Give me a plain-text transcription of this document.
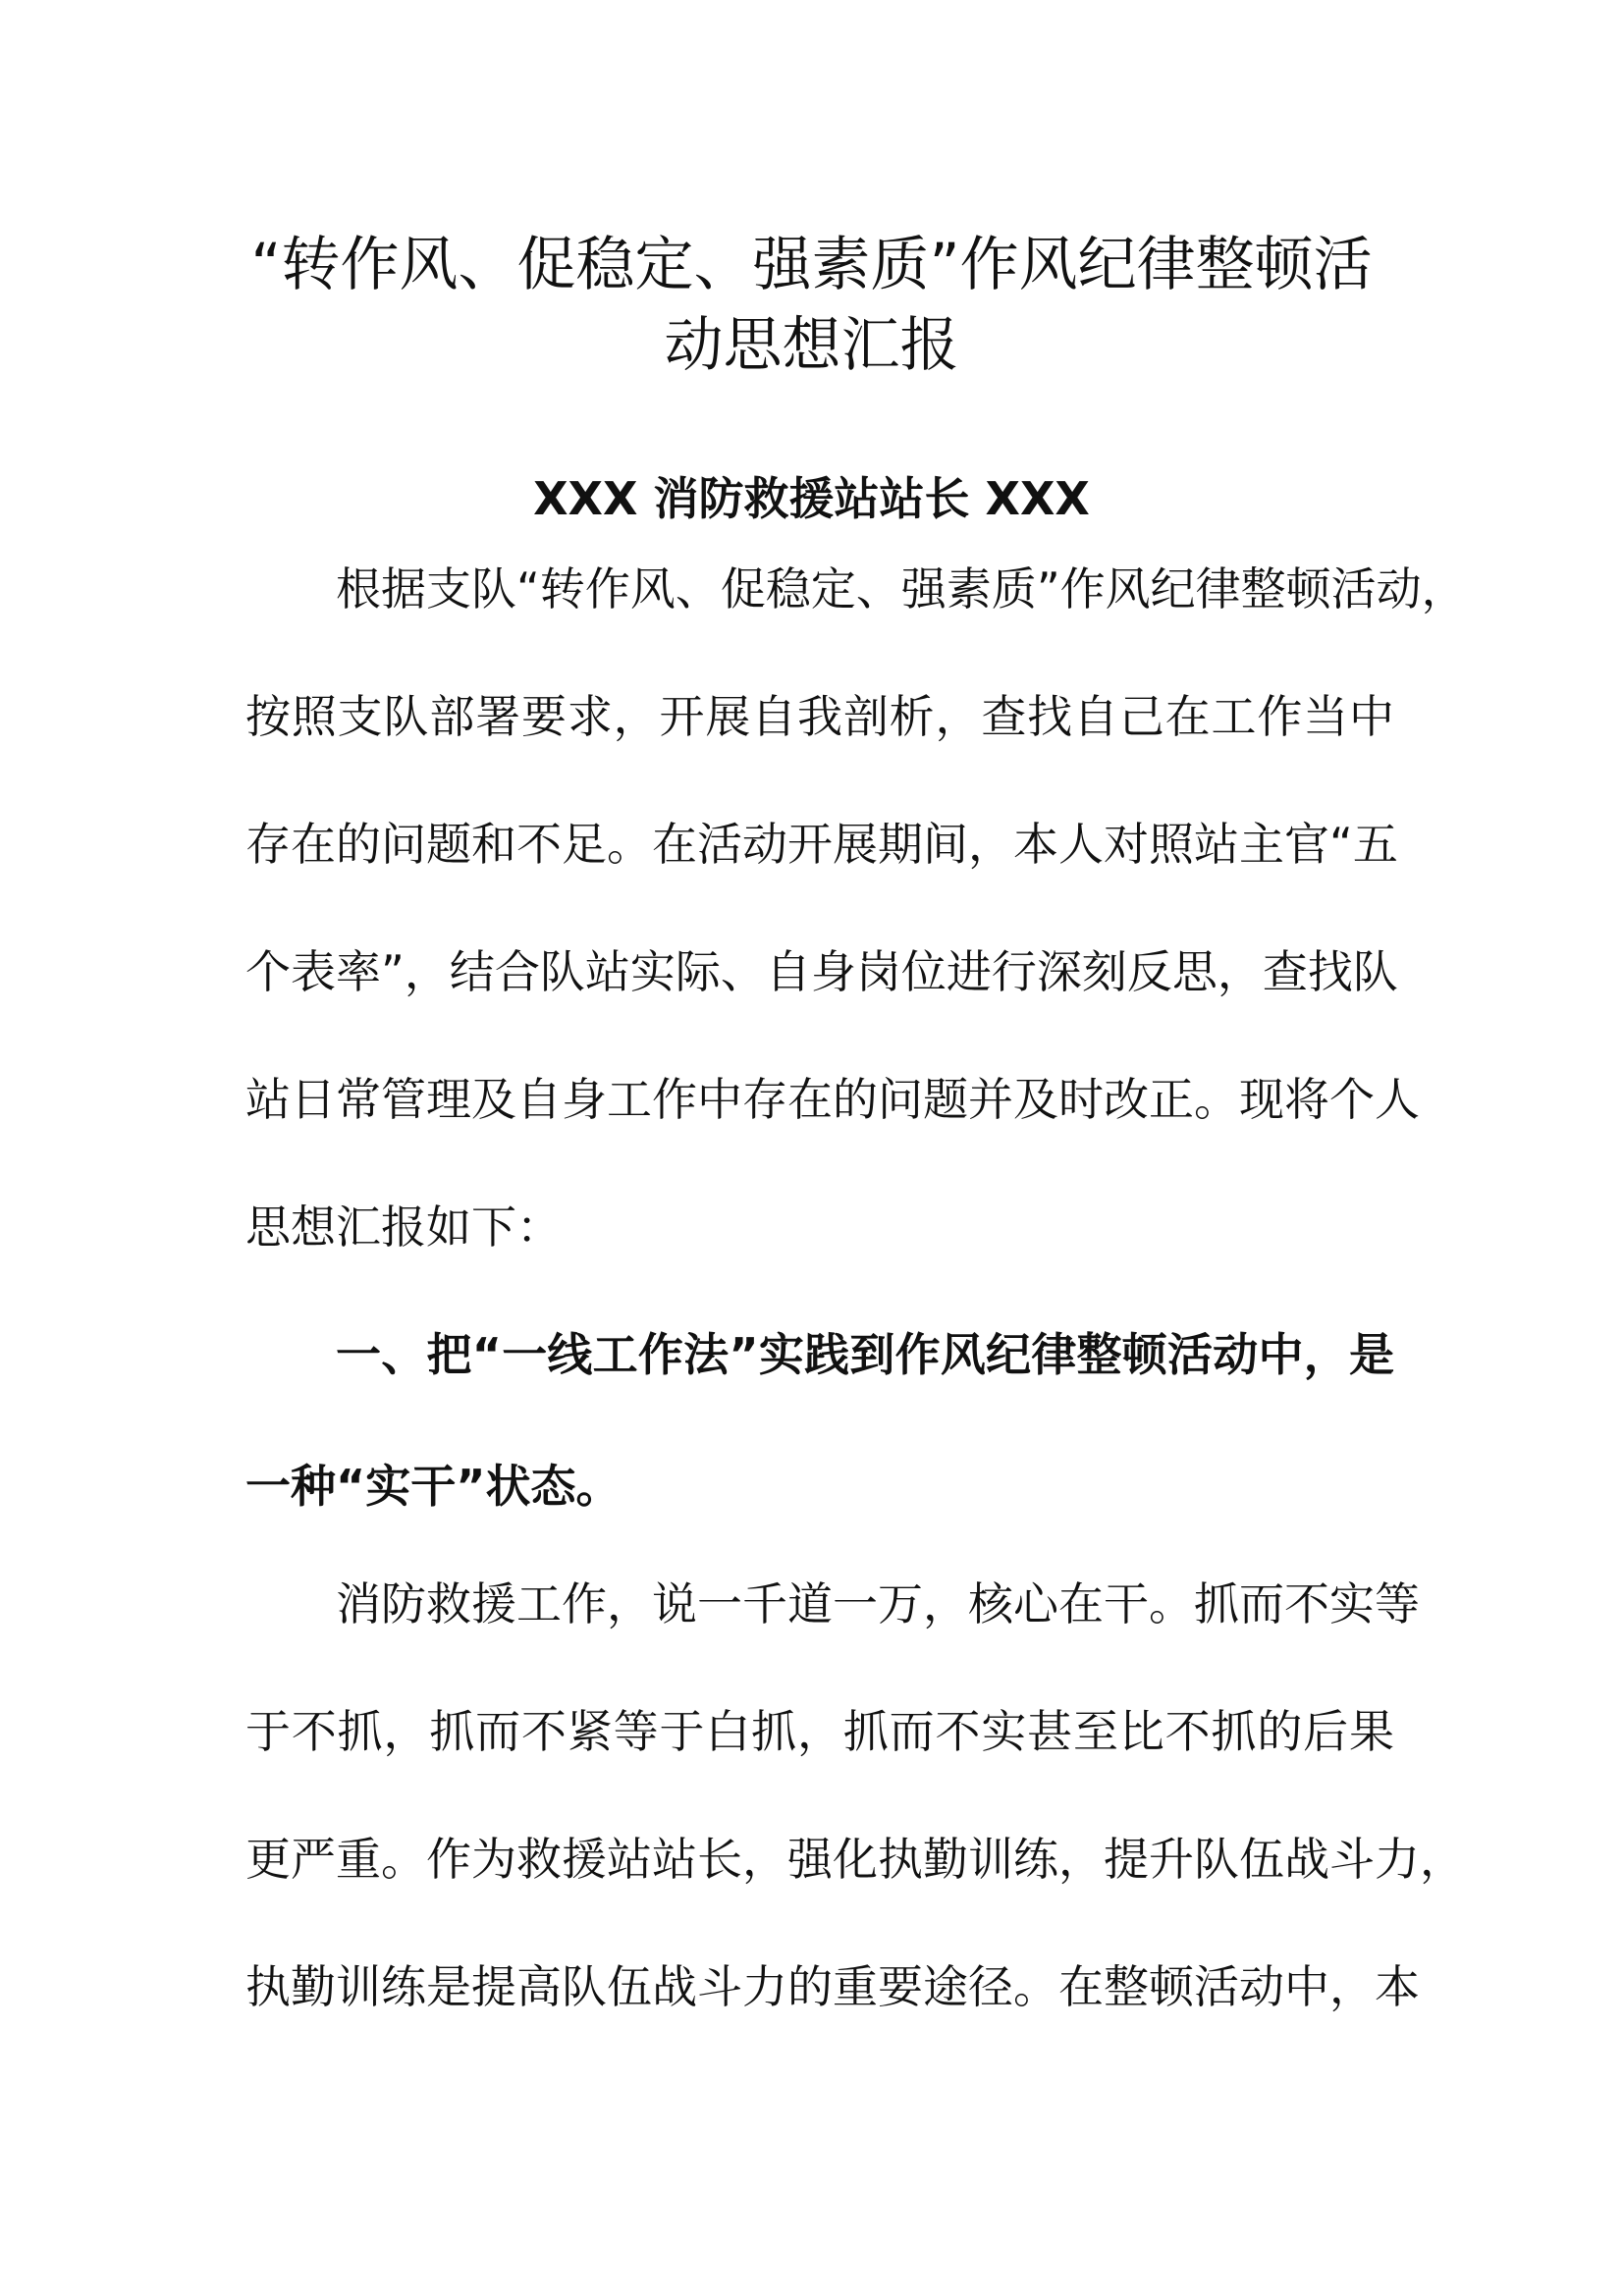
“转作风、促稳定、强素质”作风纪律整顿活
动思想汇报
XXX 消防救援站站长 XXX
根据支队“转作风、促稳定、强素质”作风纪律整顿活动，
按照支队部署要求，开展自我剖析，查找自己在工作当中
存在的问题和不足。在活动开展期间，本人对照站主官“五
个表率”，结合队站实际、自身岗位进行深刻反思，查找队
站日常管理及自身工作中存在的问题并及时改正。现将个人
思想汇报如下：
一、把“一线工作法”实践到作风纪律整顿活动中，是
一种“实干”状态。
消防救援工作，说一千道一万，核心在干。抓而不实等
于不抓，抓而不紧等于白抓，抓而不实甚至比不抓的后果
更严重。作为救援站站长，强化执勤训练，提升队伍战斗力，
执勤训练是提高队伍战斗力的重要途径。在整顿活动中，本
